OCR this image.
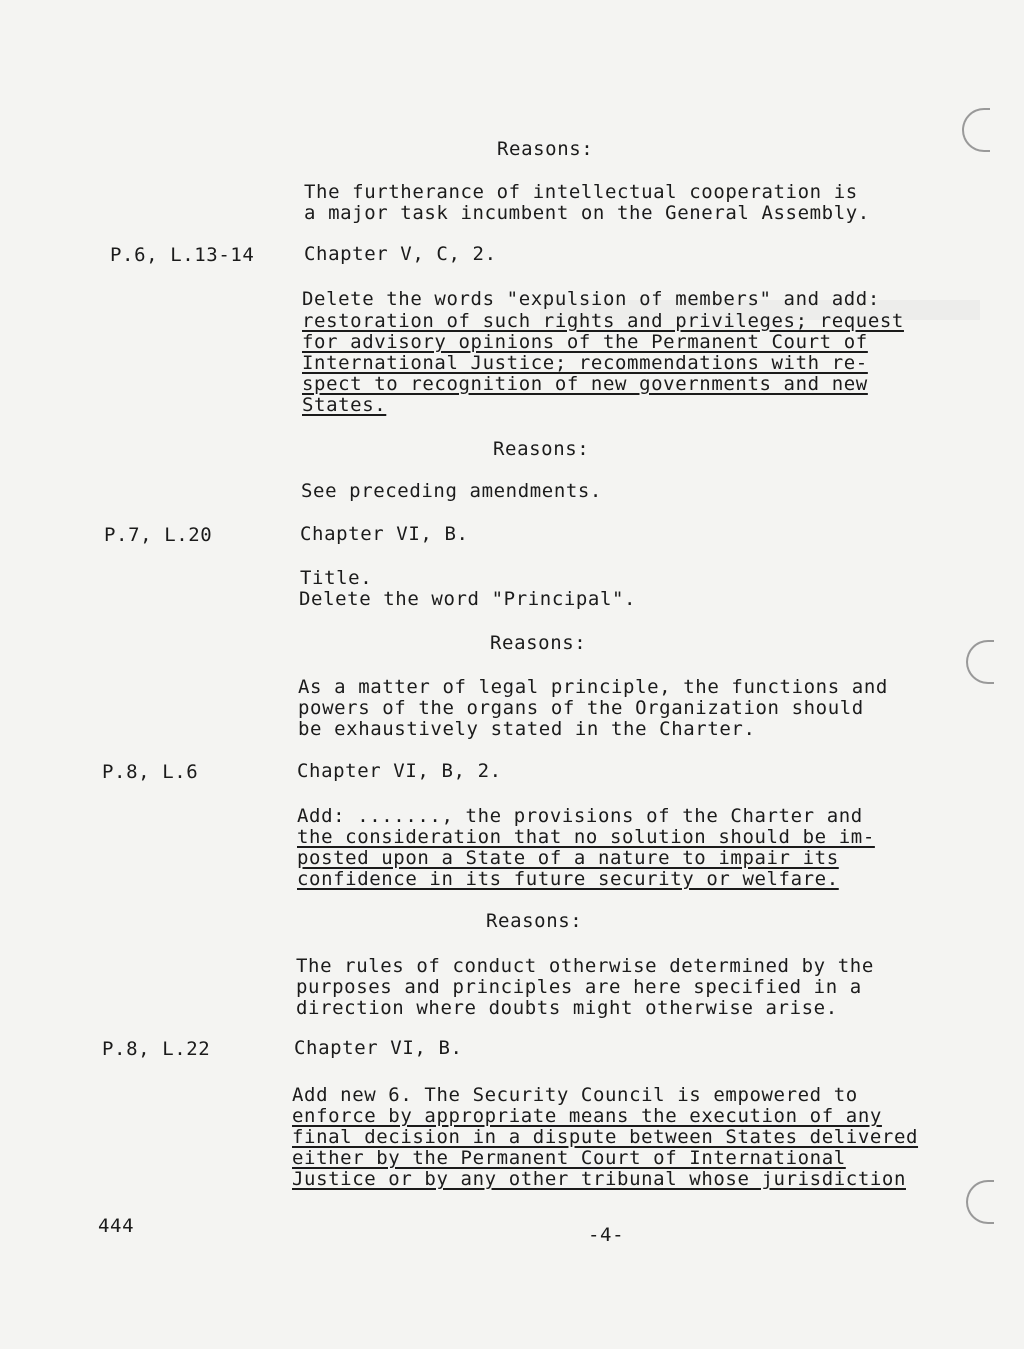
Reasons:
The furtherance of intellectual cooperation is
a major task incumbent on the General Assembly.
P.6, L.13-14	Chapter V, C, 2.
Delete the words "expulsion of members" and add:
restoration of such rights and privileges; request
for advisory opinions of the Permanent Court of
International Justice; recommendations with re-
spect to recognition of new governments and new
States.
Reasons:
See preceding amendments.
P.7, L.20	Chapter VI, B.
Title.
Delete the word "Principal".
Reasons:
As a matter of legal principle, the functions and
powers of the organs of the Organization should
be exhaustively stated in the Charter.
P.8, L.6	Chapter VI, B, 2.
Add: ......., the provisions of the Charter and
the consideration that no solution should be im-
posted upon a State of a nature to impair its
confidence in its future security or welfare.
Reasons:
The rules of conduct otherwise determined by the
purposes and principles are here specified in a
direction where doubts might otherwise arise.
P.8, L.22	Chapter VI, B.
Add new 6. The Security Council is empowered to
enforce by appropriate means the execution of any
final decision in a dispute between States delivered
either by the Permanent Court of International
Justice or by any other tribunal whose jurisdiction
444	-4-
